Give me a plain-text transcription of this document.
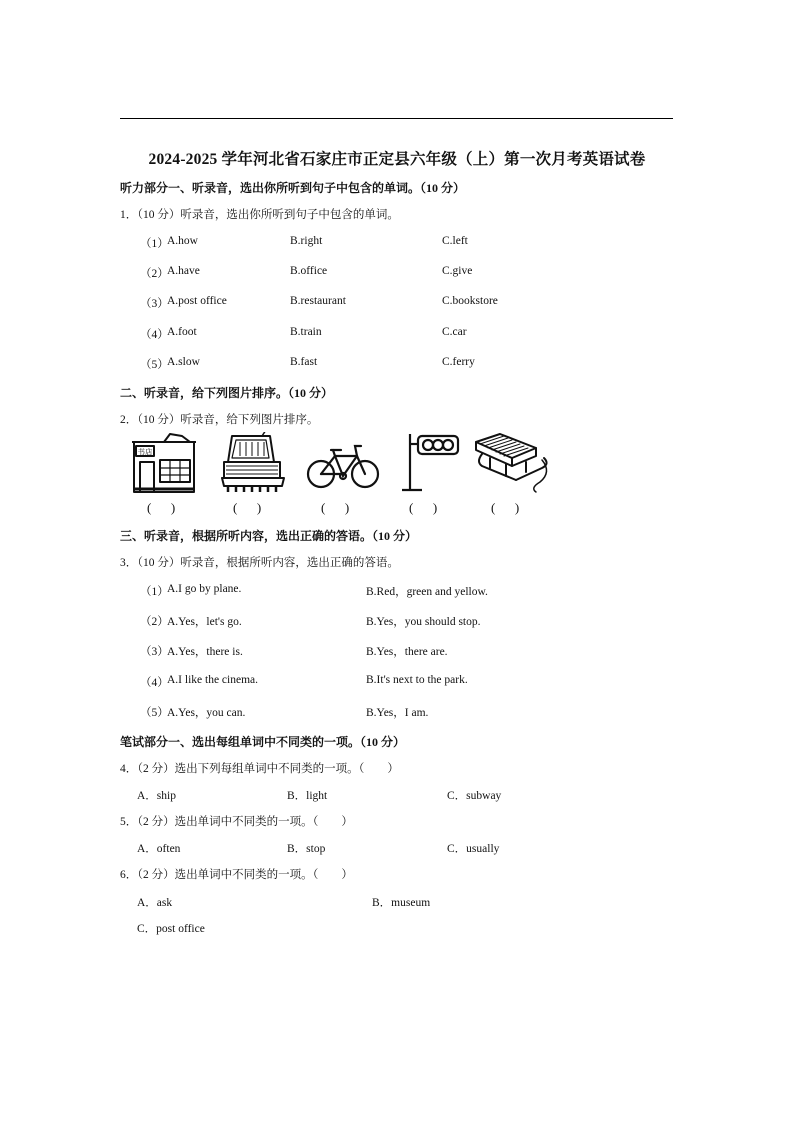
2024-2025 学年河北省石家庄市正定县六年级（上）第一次月考英语试卷
听力部分一、听录音，选出你所听到句子中包含的单词。（10 分）
1．（10 分）听录音，选出你所听到句子中包含的单词。
（1）
A.how	B.right	C.left
（2）
A.have	B.office	C.give
（3）
A.post office	B.restaurant	C.bookstore
（4）
A.foot	B.train	C.car
（5）
A.slow	B.fast	C.ferry
二、听录音，给下列图片排序。（10 分）
2．（10 分）听录音，给下列图片排序。
书店
(      )	(      )	(      )	(      )	(      )
三、听录音，根据所听内容，选出正确的答语。（10 分）
3．（10 分）听录音，根据所听内容，选出正确的答语。
（1）
A.I go by plane.	B.Red，green and yellow.
（2）
A.Yes，let's go.	B.Yes，you should stop.
（3）
A.Yes，there is.	B.Yes，there are.
（4）
A.I like the cinema.	B.It's next to the park.
（5）
A.Yes，you can.	B.Yes，I am.
笔试部分一、选出每组单词中不同类的一项。（10 分）
4．（2 分）选出下列每组单词中不同类的一项。（　　）
A．ship	B．light	C．subway
5．（2 分）选出单词中不同类的一项。（　　）
A．often	B．stop	C．usually
6．（2 分）选出单词中不同类的一项。（　　）
A．ask	B．museum
C．post office
